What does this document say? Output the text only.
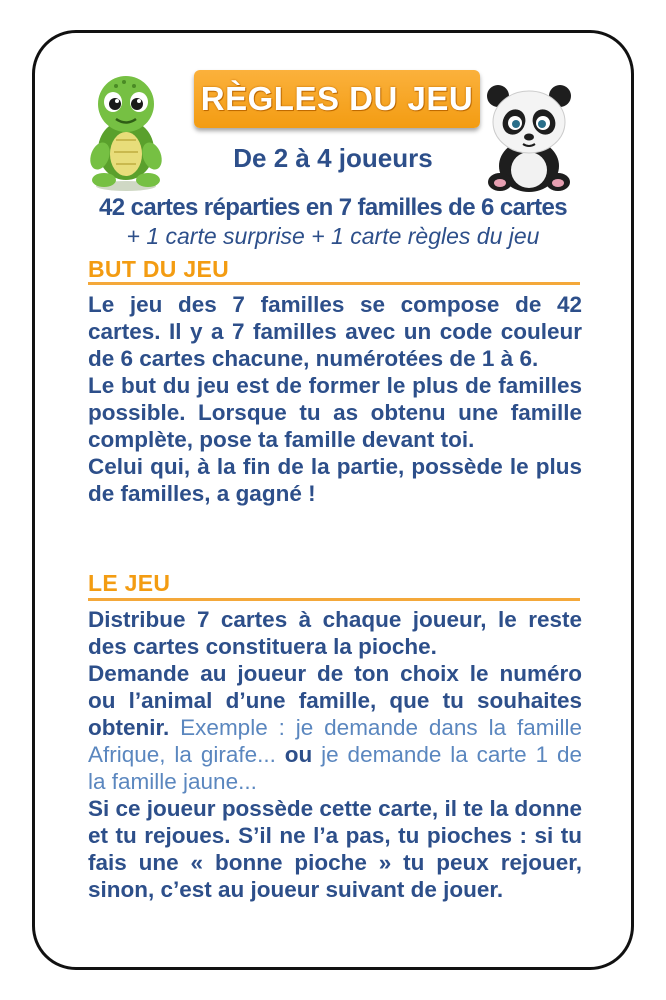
RÈGLES DU JEU
De 2 à 4 joueurs
42 cartes réparties en 7 familles de 6 cartes
+ 1 carte surprise + 1 carte règles du jeu
BUT DU JEU

Le jeu des 7 familles se compose de 42 cartes. Il y a 7 familles avec un code couleur de 6 cartes chacune, numérotées de 1 à 6.

Le but du jeu est de former le plus de familles possible. Lorsque tu as obtenu une famille complète, pose ta famille devant toi.

Celui qui, à la fin de la partie, possède le plus de familles, a gagné !

LE JEU

Distribue 7 cartes à chaque joueur, le reste des cartes constituera la pioche.

Demande au joueur de ton choix le numéro ou l’animal d’une famille, que tu souhaites obtenir. Exemple : je demande dans la famille Afrique, la girafe... ou je demande la carte 1 de la famille jaune...

Si ce joueur possède cette carte, il te la donne et tu rejoues. S’il ne l’a pas, tu pioches : si tu fais une « bonne pioche » tu peux rejouer, sinon, c’est au joueur suivant de jouer.
